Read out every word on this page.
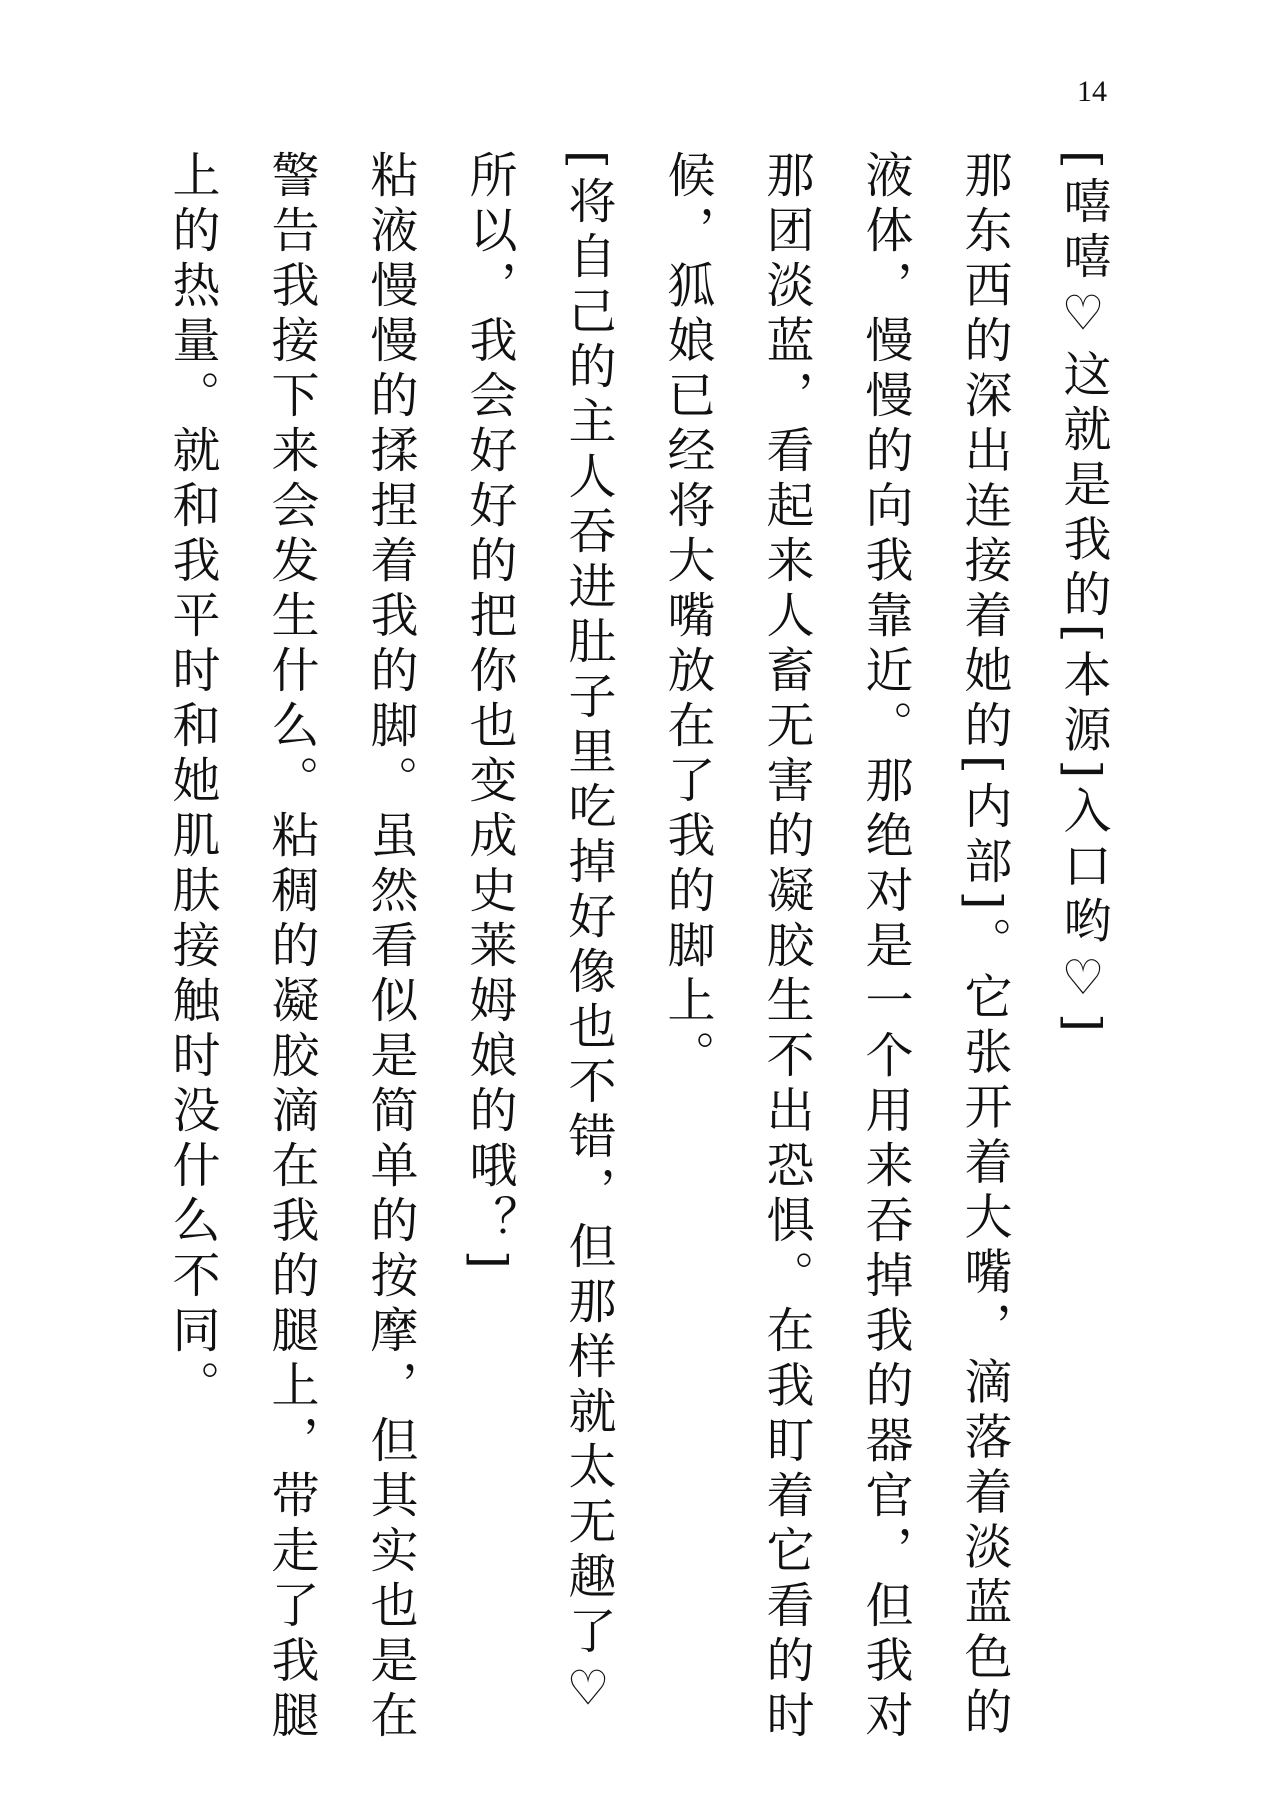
14

[嘻嘻♡这就是我的[本源]入口哟♡]

那东西的深出连接着她的[内部]。它张开着大嘴，滴落着淡蓝色的液体，慢慢的向我靠近。那绝对是一个用来吞掉我的器官，但我对那团淡蓝，看起来人畜无害的凝胶生不出恐惧。在我盯着它看的时候，狐娘已经将大嘴放在了我的脚上。

[将自己的主人吞进肚子里吃掉好像也不错，但那样就太无趣了♡所以，我会好好的把你也变成史莱姆娘的哦？]

粘液慢慢的揉捏着我的脚。虽然看似是简单的按摩，但其实也是在警告我接下来会发生什么。粘稠的凝胶滴在我的腿上，带走了我腿上的热量。就和我平时和她肌肤接触时没什么不同。
